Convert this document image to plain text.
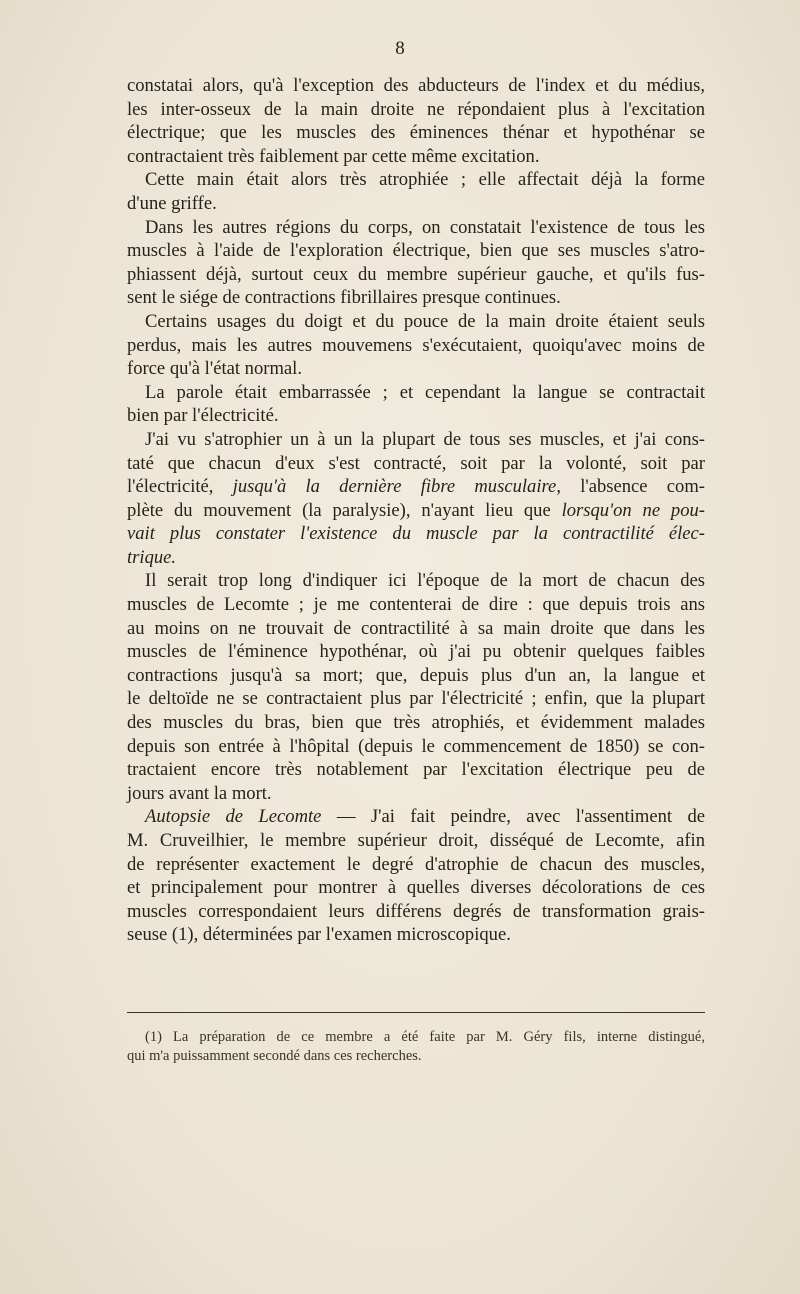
8
constatai alors, qu'à l'exception des abducteurs de l'index et du médius,
les inter-osseux de la main droite ne répondaient plus à l'excitation
électrique; que les muscles des éminences thénar et hypothénar se
contractaient très faiblement par cette même excitation.
Cette main était alors très atrophiée ; elle affectait déjà la forme
d'une griffe.
Dans les autres régions du corps, on constatait l'existence de tous les
muscles à l'aide de l'exploration électrique, bien que ses muscles s'atro-
phiassent déjà, surtout ceux du membre supérieur gauche, et qu'ils fus-
sent le siége de contractions fibrillaires presque continues.
Certains usages du doigt et du pouce de la main droite étaient seuls
perdus, mais les autres mouvemens s'exécutaient, quoiqu'avec moins de
force qu'à l'état normal.
La parole était embarrassée ; et cependant la langue se contractait
bien par l'électricité.
J'ai vu s'atrophier un à un la plupart de tous ses muscles, et j'ai cons-
taté que chacun d'eux s'est contracté, soit par la volonté, soit par
l'électricité, jusqu'à la dernière fibre musculaire, l'absence com-
plète du mouvement (la paralysie), n'ayant lieu que lorsqu'on ne pou-
vait plus constater l'existence du muscle par la contractilité élec-
trique.
Il serait trop long d'indiquer ici l'époque de la mort de chacun des
muscles de Lecomte ; je me contenterai de dire : que depuis trois ans
au moins on ne trouvait de contractilité à sa main droite que dans les
muscles de l'éminence hypothénar, où j'ai pu obtenir quelques faibles
contractions jusqu'à sa mort; que, depuis plus d'un an, la langue et
le deltoïde ne se contractaient plus par l'électricité ; enfin, que la plupart
des muscles du bras, bien que très atrophiés, et évidemment malades
depuis son entrée à l'hôpital (depuis le commencement de 1850) se con-
tractaient encore très notablement par l'excitation électrique peu de
jours avant la mort.
Autopsie de Lecomte — J'ai fait peindre, avec l'assentiment de
M. Cruveilhier, le membre supérieur droit, disséqué de Lecomte, afin
de représenter exactement le degré d'atrophie de chacun des muscles,
et principalement pour montrer à quelles diverses décolorations de ces
muscles correspondaient leurs différens degrés de transformation grais-
seuse (1), déterminées par l'examen microscopique.
(1) La préparation de ce membre a été faite par M. Géry fils, interne distingué,
qui m'a puissamment secondé dans ces recherches.
